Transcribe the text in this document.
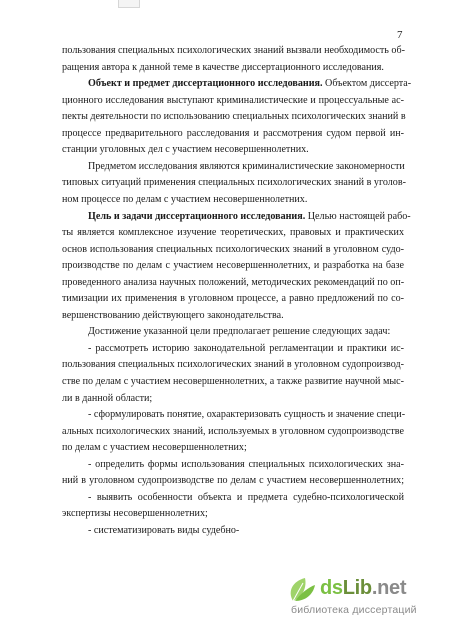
7
пользования специальных психологических знаний вызвали необходимость об-
ращения автора к данной теме в качестве диссертационного исследования.
Объект и предмет диссертационного исследования. Объектом диссерта-
ционного исследования выступают криминалистические и процессуальные ас-
пекты деятельности по использованию специальных психологических знаний в
процессе предварительного расследования и рассмотрения судом первой ин-
станции уголовных дел с участием несовершеннолетних.
Предметом исследования являются криминалистические закономерности
типовых ситуаций применения специальных психологических знаний в уголов-
ном процессе по делам с участием несовершеннолетних.
Цель и задачи диссертационного исследования. Целью настоящей рабо-
ты является комплексное изучение теоретических, правовых и практических
основ использования специальных психологических знаний в уголовном судо-
производстве по делам с участием несовершеннолетних, и разработка на базе
проведенного анализа научных положений, методических рекомендаций по оп-
тимизации их применения в уголовном процессе, а равно предложений по со-
вершенствованию действующего законодательства.
Достижение указанной цели предполагает решение следующих задач:
- рассмотреть историю законодательной регламентации и практики ис-
пользования специальных психологических знаний в уголовном судопроизвод-
стве по делам с участием несовершеннолетних, а также развитие научной мыс-
ли в данной области;
- сформулировать понятие, охарактеризовать сущность и значение специ-
альных психологических знаний, используемых в уголовном судопроизводстве
по делам с участием несовершеннолетних;
- определить формы использования специальных психологических зна-
ний в уголовном судопроизводстве по делам с участием несовершеннолетних;
- выявить особенности объекта и предмета судебно-психологической
экспертизы несовершеннолетних;
- систематизировать виды судебно-
dsLib.net
библиотека диссертаций
